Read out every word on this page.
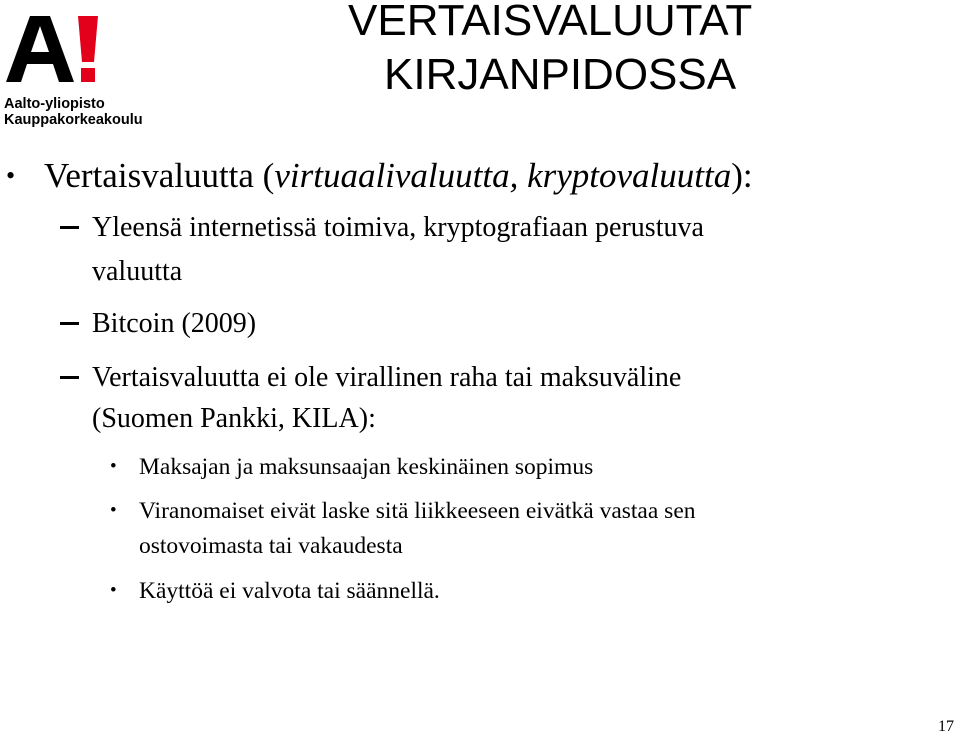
Aalto-yliopisto
Kauppakorkeakoulu
VERTAISVALUUTAT
KIRJANPIDOSSA
• Vertaisvaluutta (virtuaalivaluutta, kryptovaluutta):
Yleensä internetissä toimiva, kryptografiaan perustuva
valuutta
Bitcoin (2009)
Vertaisvaluutta ei ole virallinen raha tai maksuväline
(Suomen Pankki, KILA):
• Maksajan ja maksunsaajan keskinäinen sopimus
• Viranomaiset eivät laske sitä liikkeeseen eivätkä vastaa sen
ostovoimasta tai vakaudesta
• Käyttöä ei valvota tai säännellä.
17
